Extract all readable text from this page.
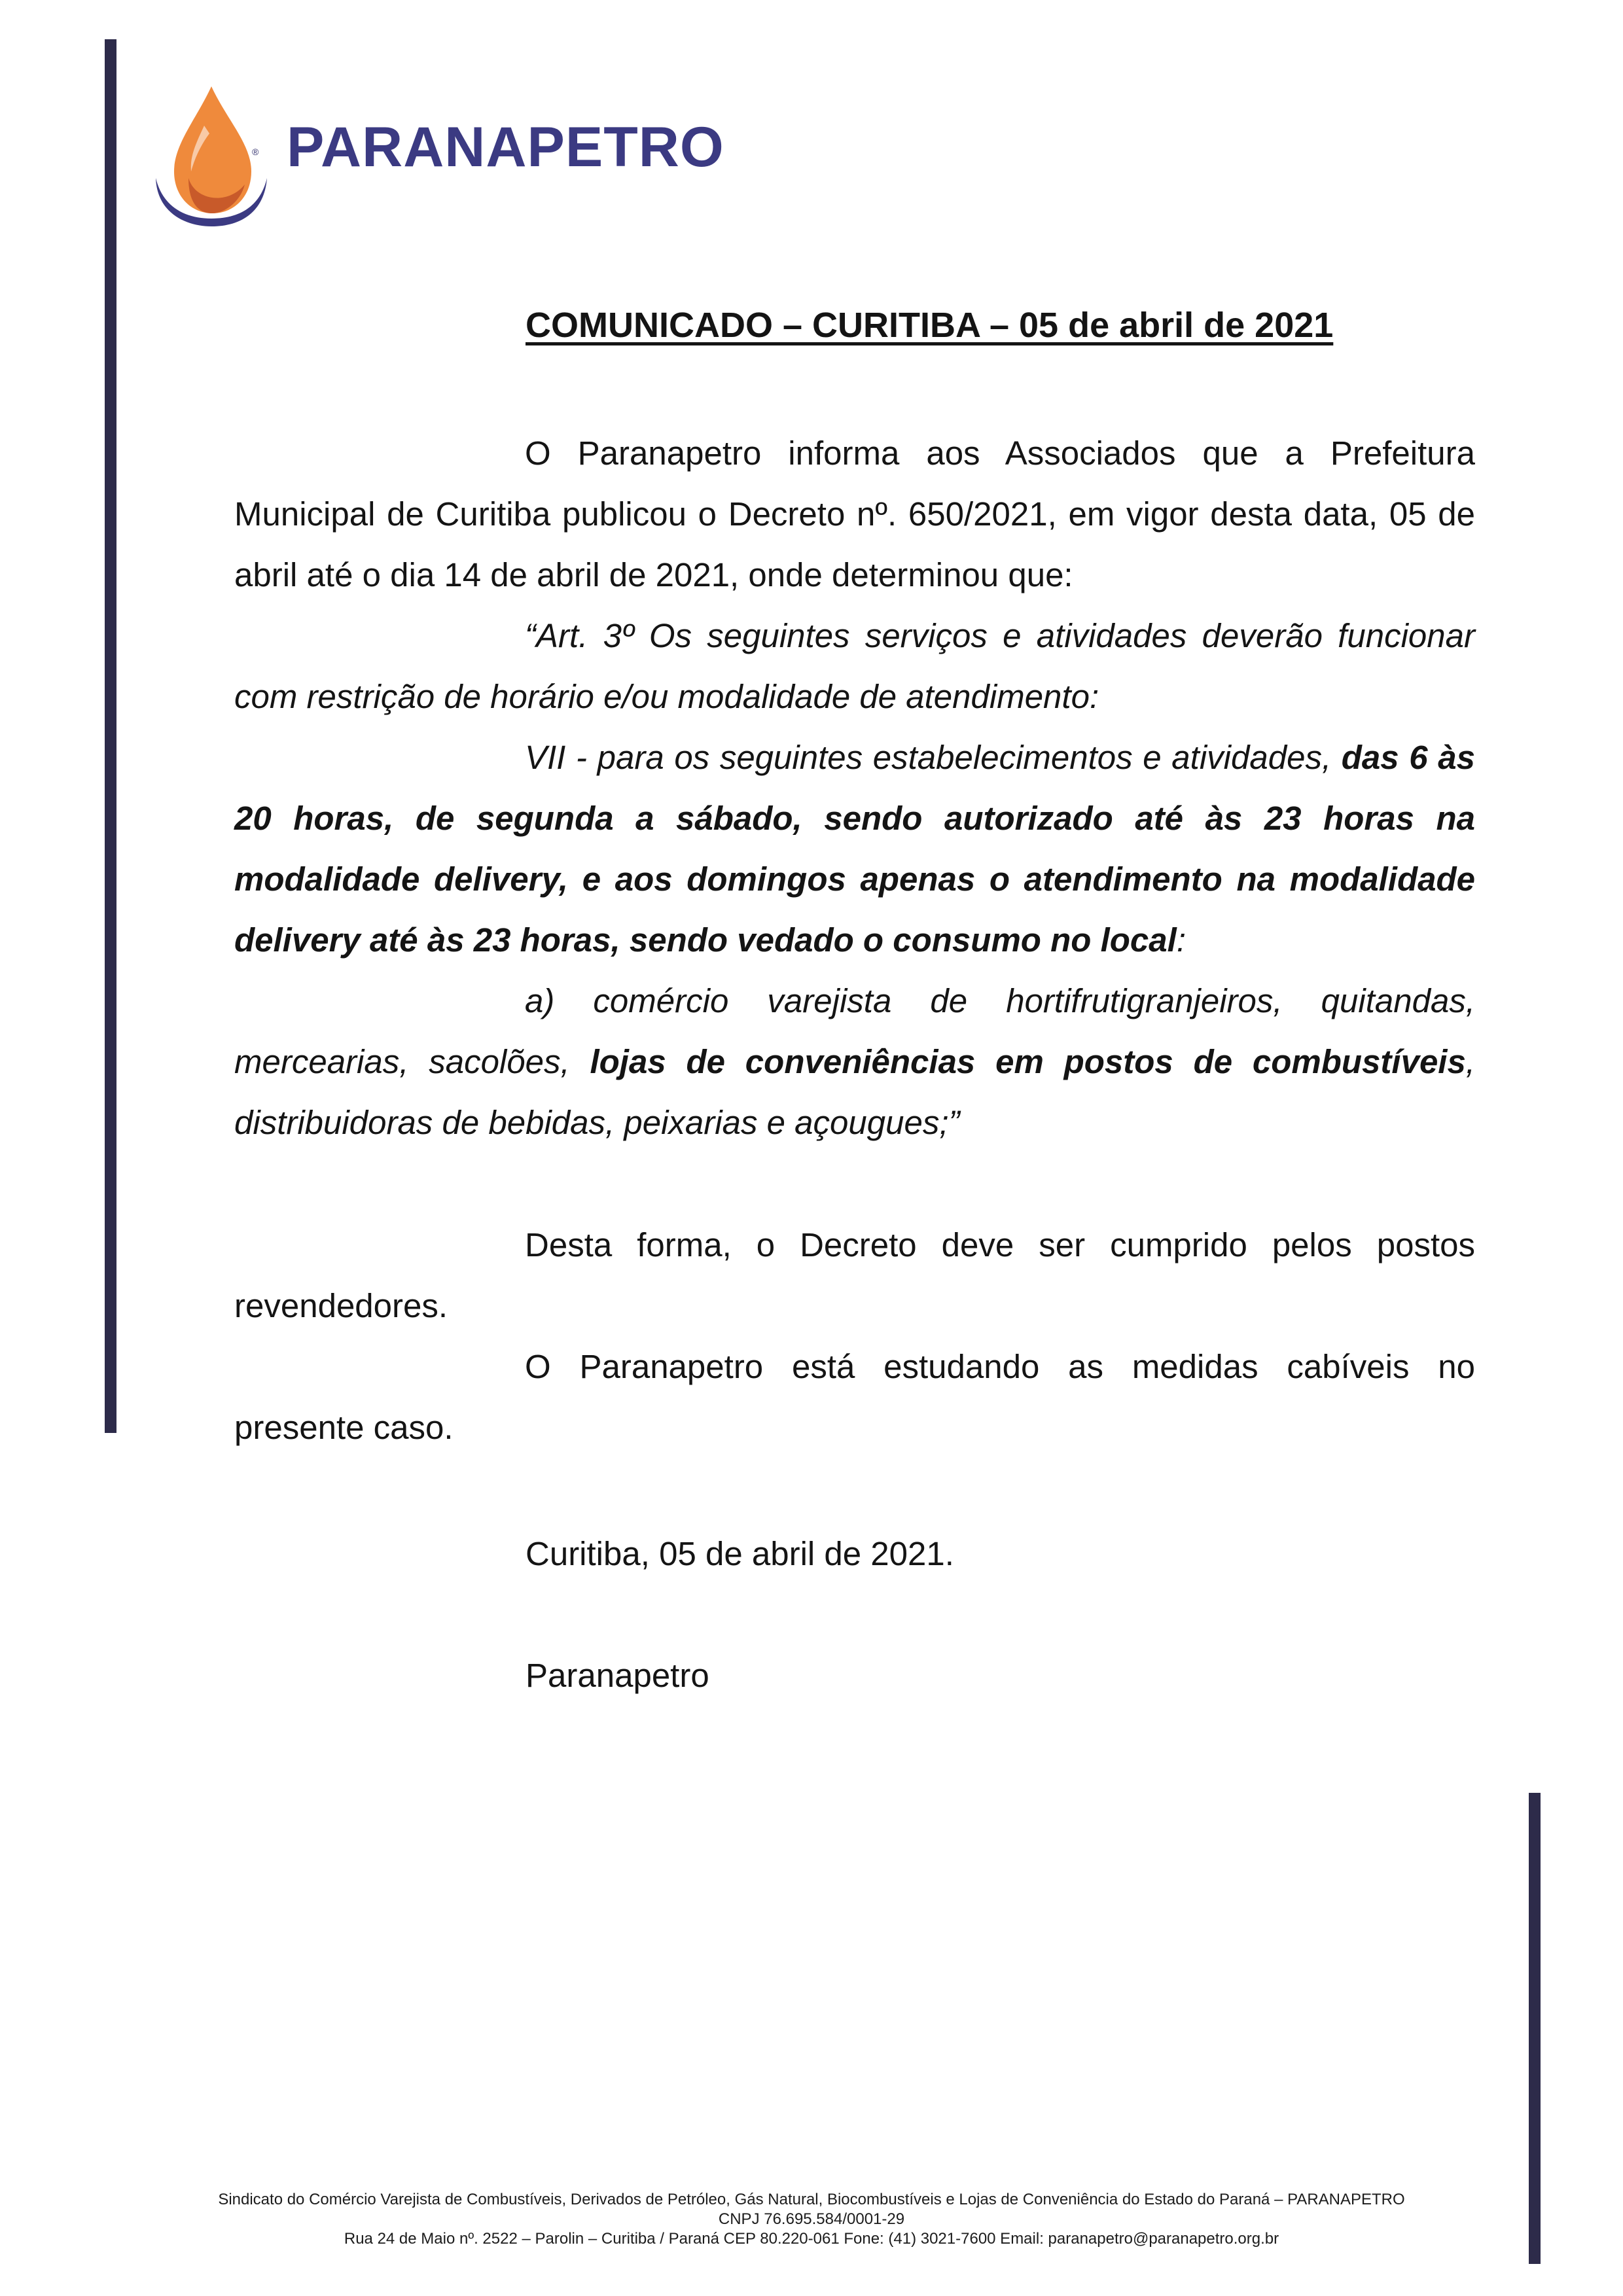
® PARANAPETRO
COMUNICADO – CURITIBA – 05 de abril de 2021

O Paranapetro informa aos Associados que a Prefeitura Municipal de Curitiba publicou o Decreto nº. 650/2021, em vigor desta data, 05 de abril até o dia 14 de abril de 2021, onde determinou que:

“Art. 3º Os seguintes serviços e atividades deverão funcionar com restrição de horário e/ou modalidade de atendimento:

VII - para os seguintes estabelecimentos e atividades, das 6 às 20 horas, de segunda a sábado, sendo autorizado até às 23 horas na modalidade delivery, e aos domingos apenas o atendimento na modalidade delivery até às 23 horas, sendo vedado o consumo no local:

a) comércio varejista de hortifrutigranjeiros, quitandas, mercearias, sacolões, lojas de conveniências em postos de combustíveis, distribuidoras de bebidas, peixarias e açougues;”

Desta forma, o Decreto deve ser cumprido pelos postos revendedores.

O Paranapetro está estudando as medidas cabíveis no presente caso.

Curitiba, 05 de abril de 2021.
Paranapetro
Sindicato do Comércio Varejista de Combustíveis, Derivados de Petróleo, Gás Natural, Biocombustíveis e Lojas de Conveniência do Estado do Paraná – PARANAPETRO
CNPJ 76.695.584/0001-29
Rua 24 de Maio nº. 2522 – Parolin – Curitiba / Paraná CEP 80.220-061 Fone: (41) 3021-7600 Email: paranapetro@paranapetro.org.br
